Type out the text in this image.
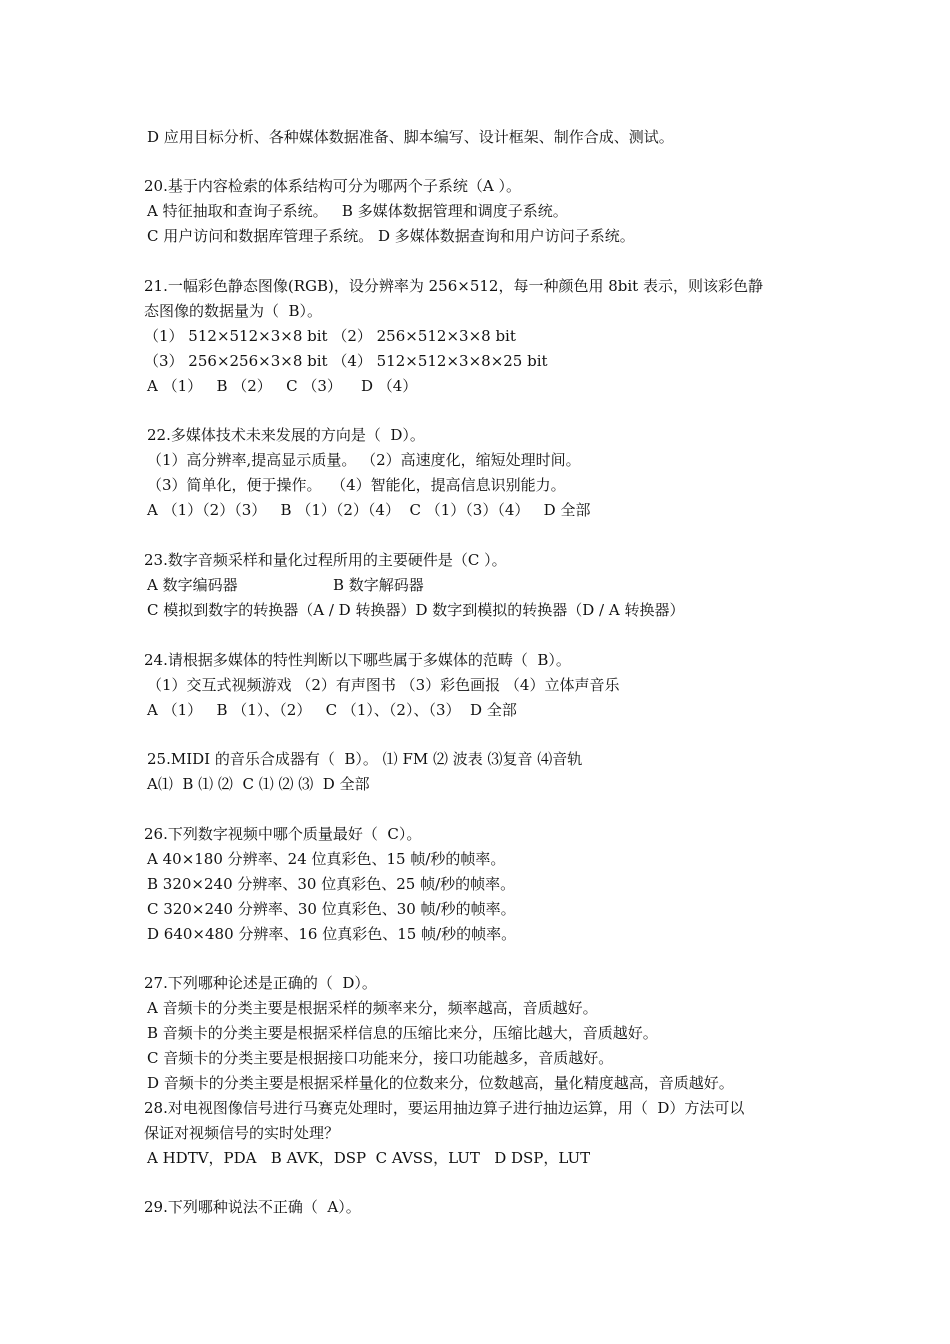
D 应用目标分析、各种媒体数据准备、脚本编写、设计框架、制作合成、测试。

20.基于内容检索的体系结构可分为哪两个子系统（A ）。

A 特征抽取和查询子系统。   B 多媒体数据管理和调度子系统。

C 用户访问和数据库管理子系统。 D 多媒体数据查询和用户访问子系统。

21.一幅彩色静态图像(RGB)，设分辨率为 256×512，每一种颜色用 8bit 表示，则该彩色静

态图像的数据量为（  B）。

（1） 512×512×3×8 bit （2） 256×512×3×8 bit

（3） 256×256×3×8 bit （4） 512×512×3×8×25 bit

A （1）   B （2）   C （3）    D （4）

22.多媒体技术未来发展的方向是（  D）。

（1）高分辨率,提高显示质量。 （2）高速度化，缩短处理时间。

（3）简单化，便于操作。  （4）智能化，提高信息识别能力。

A （1）（2）（3）   B （1）（2）（4）  C （1）（3）（4）   D 全部

23.数字音频采样和量化过程所用的主要硬件是（C ）。

A 数字编码器                    B 数字解码器

C 模拟到数字的转换器（A / D 转换器）D 数字到模拟的转换器（D / A 转换器）

24.请根据多媒体的特性判断以下哪些属于多媒体的范畴（  B）。

（1）交互式视频游戏 （2）有声图书 （3）彩色画报 （4）立体声音乐

A （1）   B （1）、（2）   C （1）、（2）、（3）  D 全部

25.MIDI 的音乐合成器有（  B）。 ⑴ FM ⑵ 波表 ⑶复音 ⑷音轨

A⑴  B ⑴ ⑵  C ⑴ ⑵ ⑶  D 全部

26.下列数字视频中哪个质量最好（  C）。

A 40×180 分辨率、24 位真彩色、15 帧/秒的帧率。

B 320×240 分辨率、30 位真彩色、25 帧/秒的帧率。

C 320×240 分辨率、30 位真彩色、30 帧/秒的帧率。

D 640×480 分辨率、16 位真彩色、15 帧/秒的帧率。

27.下列哪种论述是正确的（  D）。

A 音频卡的分类主要是根据采样的频率来分，频率越高，音质越好。

B 音频卡的分类主要是根据采样信息的压缩比来分，压缩比越大，音质越好。

C 音频卡的分类主要是根据接口功能来分，接口功能越多，音质越好。

D 音频卡的分类主要是根据采样量化的位数来分，位数越高，量化精度越高，音质越好。

28.对电视图像信号进行马赛克处理时，要运用抽边算子进行抽边运算，用（  D）方法可以

保证对视频信号的实时处理？

A HDTV，PDA   B AVK，DSP  C AVSS，LUT   D DSP，LUT

29.下列哪种说法不正确（  A）。
